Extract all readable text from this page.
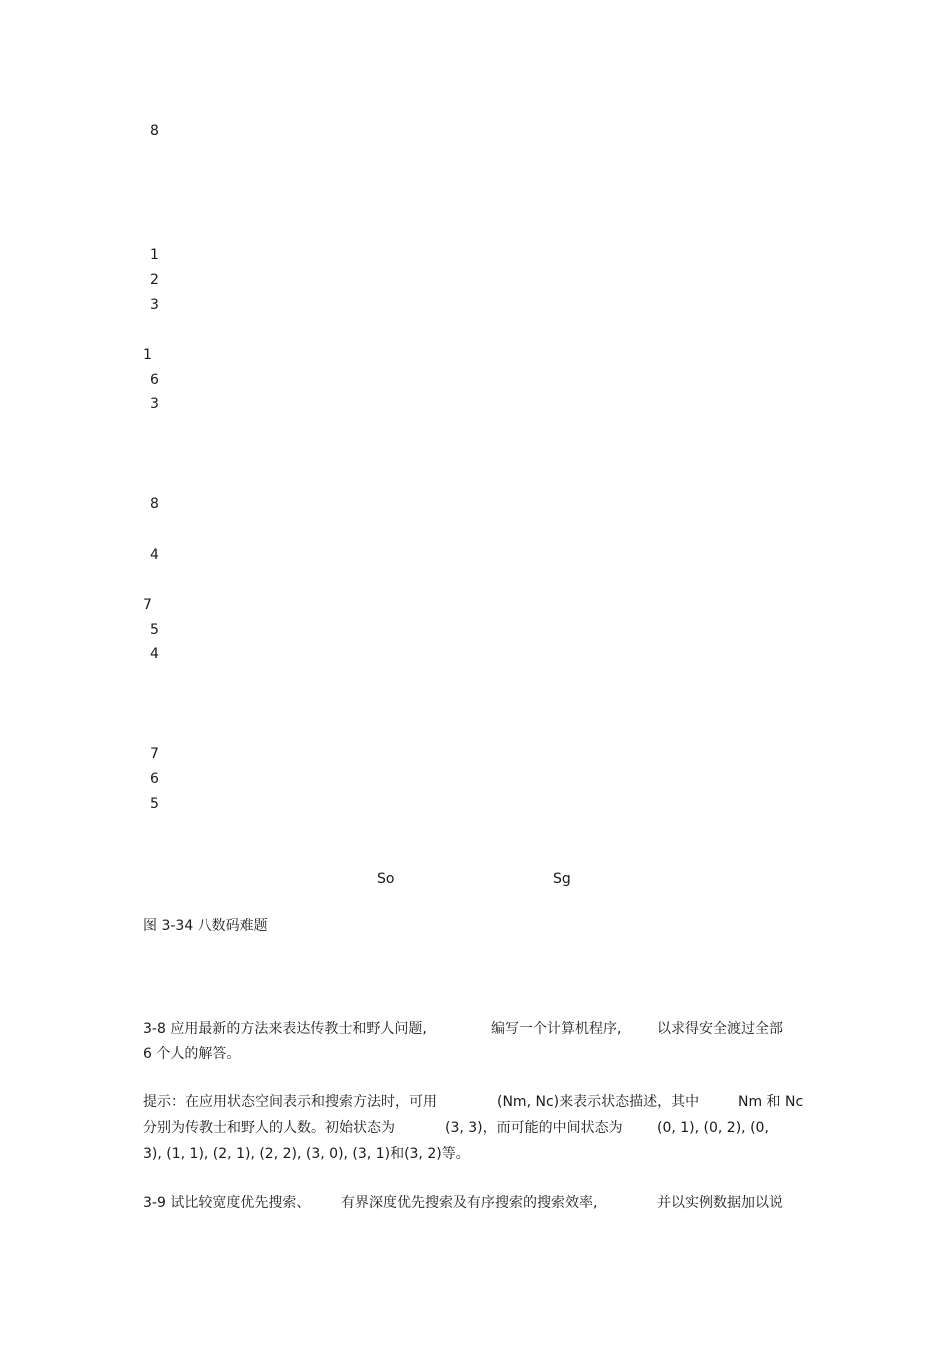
8
1
2
3
1
6
3
8
4
7
5
4
7
6
5
So	Sg
图 3-34 八数码难题
3-8 应用最新的方法来表达传教士和野人问题,	编写一个计算机程序,	以求得安全渡过全部
6 个人的解答。
提示：在应用状态空间表示和搜索方法时，可用	(Nm, Nc)来表示状态描述，其中	Nm 和 Nc
分别为传教士和野人的人数。初始状态为	(3, 3)，而可能的中间状态为 (0, 1), (0, 2), (0,
3), (1, 1), (2, 1), (2, 2), (3, 0), (3, 1)和(3, 2)等。
3-9 试比较宽度优先搜索、 有界深度优先搜索及有序搜索的搜索效率,	并以实例数据加以说
